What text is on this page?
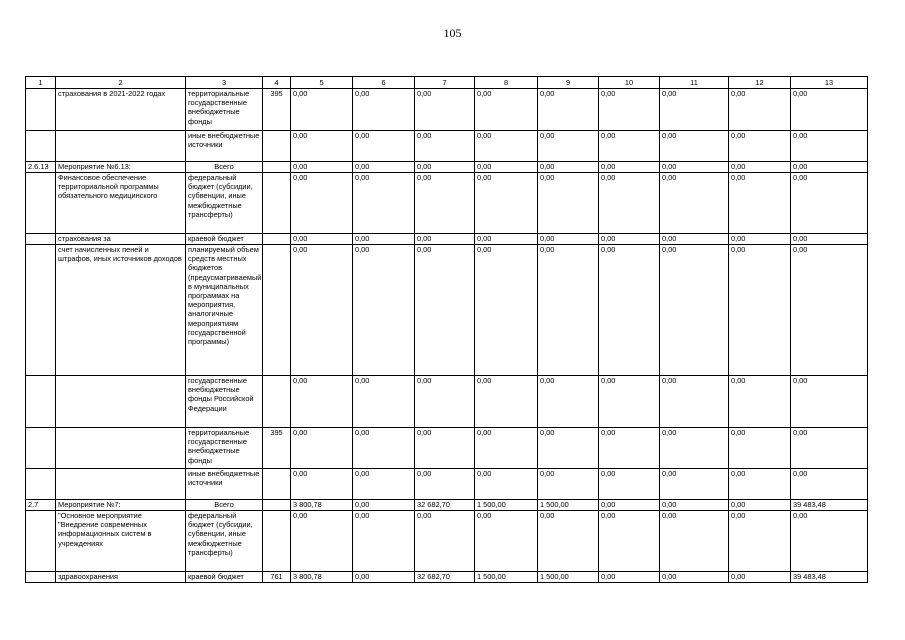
105
1	2	3	4	5	6	7	8	9	10	11	12	13
	страхования в 2021-2022 годах	территориальные государственные внебюджетные фонды	395	0,00	0,00	0,00	0,00	0,00	0,00	0,00	0,00	0,00
		иные внебюджетные источники		0,00	0,00	0,00	0,00	0,00	0,00	0,00	0,00	0,00
2.6.13	Мероприятие №6.13:	Всего		0,00	0,00	0,00	0,00	0,00	0,00	0,00	0,00	0,00
	Финансовое обеспечение территориальной программы обязательного медицинского	федеральный бюджет (субсидии, субвенции, иные межбюджетные трансферты)		0,00	0,00	0,00	0,00	0,00	0,00	0,00	0,00	0,00
	страхования за	краевой бюджет		0,00	0,00	0,00	0,00	0,00	0,00	0,00	0,00	0,00
	счет начисленных пеней и штрафов, иных источников доходов	планируемый объем средств местных бюджетов (предусматриваемый в муниципальных программах на мероприятия, аналогичные мероприятиям государственной программы)		0,00	0,00	0,00	0,00	0,00	0,00	0,00	0,00	0,00
		государственные внебюджетные фонды Российской Федерации		0,00	0,00	0,00	0,00	0,00	0,00	0,00	0,00	0,00
		территориальные государственные внебюджетные фонды	395	0,00	0,00	0,00	0,00	0,00	0,00	0,00	0,00	0,00
		иные внебюджетные источники		0,00	0,00	0,00	0,00	0,00	0,00	0,00	0,00	0,00
2.7	Мероприятие №7:	Всего		3 800,78	0,00	32 682,70	1 500,00	1 500,00	0,00	0,00	0,00	39 483,48
	"Основное мероприятие "Внедрение современных информационных систем в учреждениях	федеральный бюджет (субсидии, субвенции, иные межбюджетные трансферты)		0,00	0,00	0,00	0,00	0,00	0,00	0,00	0,00	0,00
	здравоохранения	краевой бюджет	761	3 800,78	0,00	32 682,70	1 500,00	1 500,00	0,00	0,00	0,00	39 483,48
